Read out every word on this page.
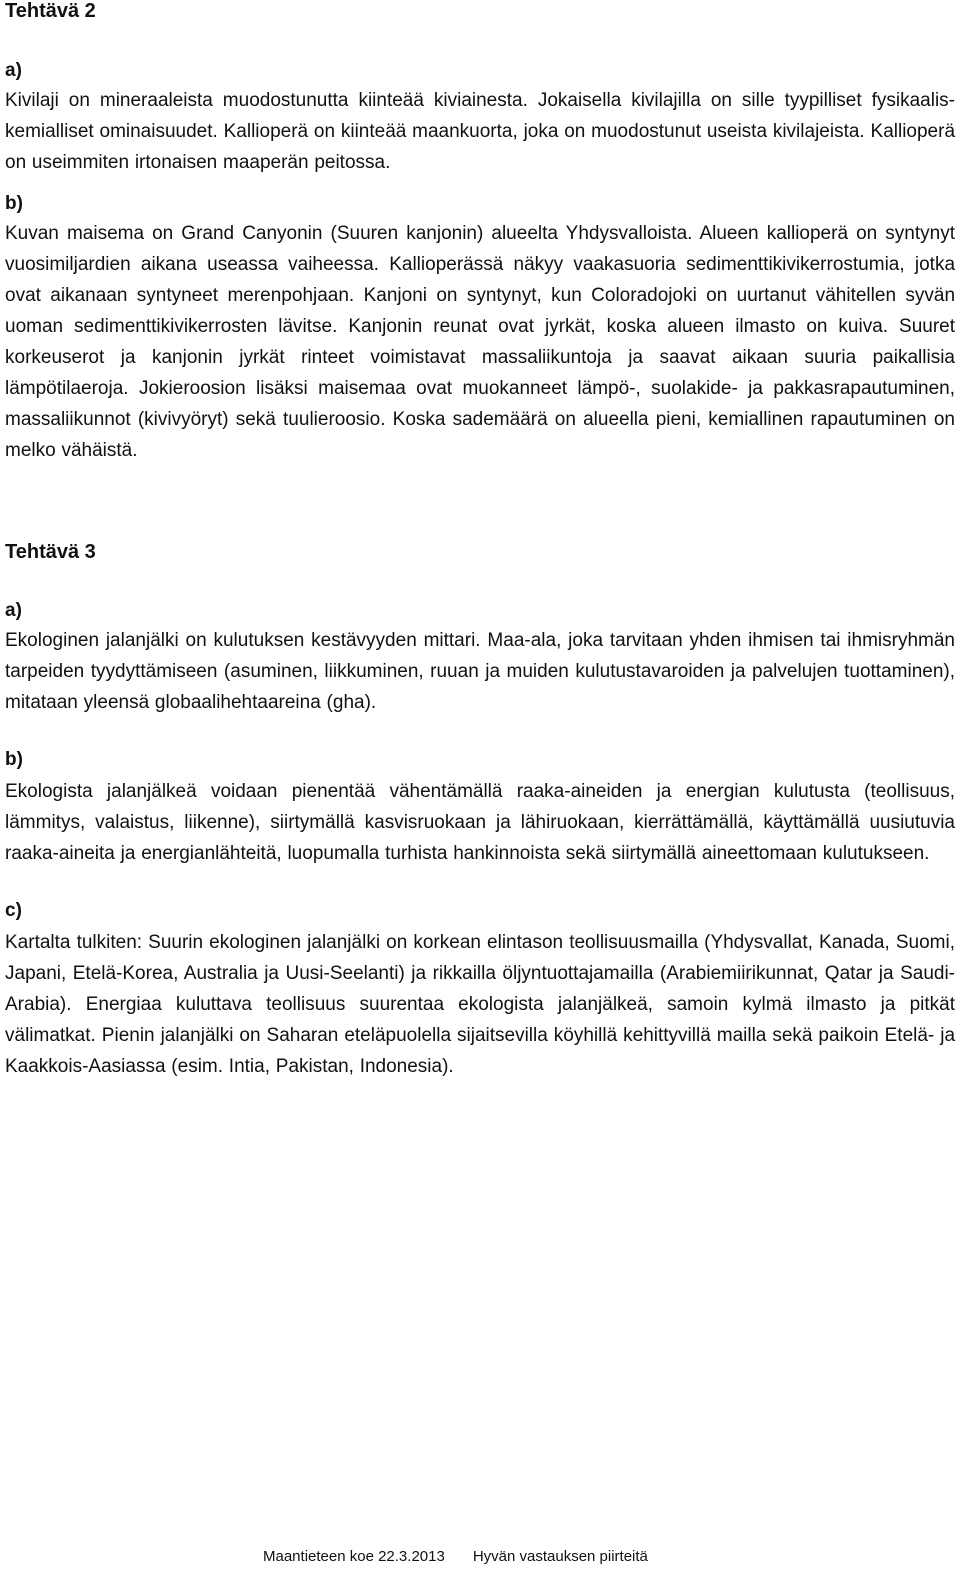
Tehtävä 2
a)

Kivilaji on mineraaleista muodostunutta kiinteää kiviainesta. Jokaisella kivilajilla on sille tyypilliset fysikaalis-kemialliset ominaisuudet. Kallioperä on kiinteää maankuorta, joka on muodostunut useista kivilajeista. Kallioperä on useimmiten irtonaisen maaperän peitossa.

b)

Kuvan maisema on Grand Canyonin (Suuren kanjonin) alueelta Yhdysvalloista. Alueen kallioperä on syntynyt vuosimiljardien aikana useassa vaiheessa. Kallioperässä näkyy vaakasuoria sedimenttikivikerrostumia, jotka ovat aikanaan syntyneet merenpohjaan. Kanjoni on syntynyt, kun Coloradojoki on uurtanut vähitellen syvän uoman sedimenttikivikerrosten lävitse. Kanjonin reunat ovat jyrkät, koska alueen ilmasto on kuiva. Suuret korkeuserot ja kanjonin jyrkät rinteet voimistavat massaliikuntoja ja saavat aikaan suuria paikallisia lämpötilaeroja. Jokieroosion lisäksi maisemaa ovat muokanneet lämpö-, suolakide- ja pakkasrapautuminen, massaliikunnot (kivivyöryt) sekä tuulieroosio. Koska sademäärä on alueella pieni, kemiallinen rapautuminen on melko vähäistä.

Tehtävä 3
a)

Ekologinen jalanjälki on kulutuksen kestävyyden mittari. Maa-ala, joka tarvitaan yhden ihmisen tai ihmisryhmän tarpeiden tyydyttämiseen (asuminen, liikkuminen, ruuan ja muiden kulutustavaroiden ja palvelujen tuottaminen), mitataan yleensä globaalihehtaareina (gha).

b)

Ekologista jalanjälkeä voidaan pienentää vähentämällä raaka-aineiden ja energian kulutusta (teollisuus, lämmitys, valaistus, liikenne), siirtymällä kasvisruokaan ja lähiruokaan, kierrättämällä, käyttämällä uusiutuvia raaka-aineita ja energianlähteitä, luopumalla turhista hankinnoista sekä siirtymällä aineettomaan kulutukseen.

c)

Kartalta tulkiten: Suurin ekologinen jalanjälki on korkean elintason teollisuusmailla (Yhdysvallat, Kanada, Suomi, Japani, Etelä-Korea, Australia ja Uusi-Seelanti) ja rikkailla öljyntuottajamailla (Arabiemiirikunnat, Qatar ja Saudi-Arabia). Energiaa kuluttava teollisuus suurentaa ekologista jalanjälkeä, samoin kylmä ilmasto ja pitkät välimatkat. Pienin jalanjälki on Saharan eteläpuolella sijaitsevilla köyhillä kehittyvillä mailla sekä paikoin Etelä- ja Kaakkois-Aasiassa (esim. Intia, Pakistan, Indonesia).

Maantieteen koe 22.3.2013 Hyvän vastauksen piirteitä
